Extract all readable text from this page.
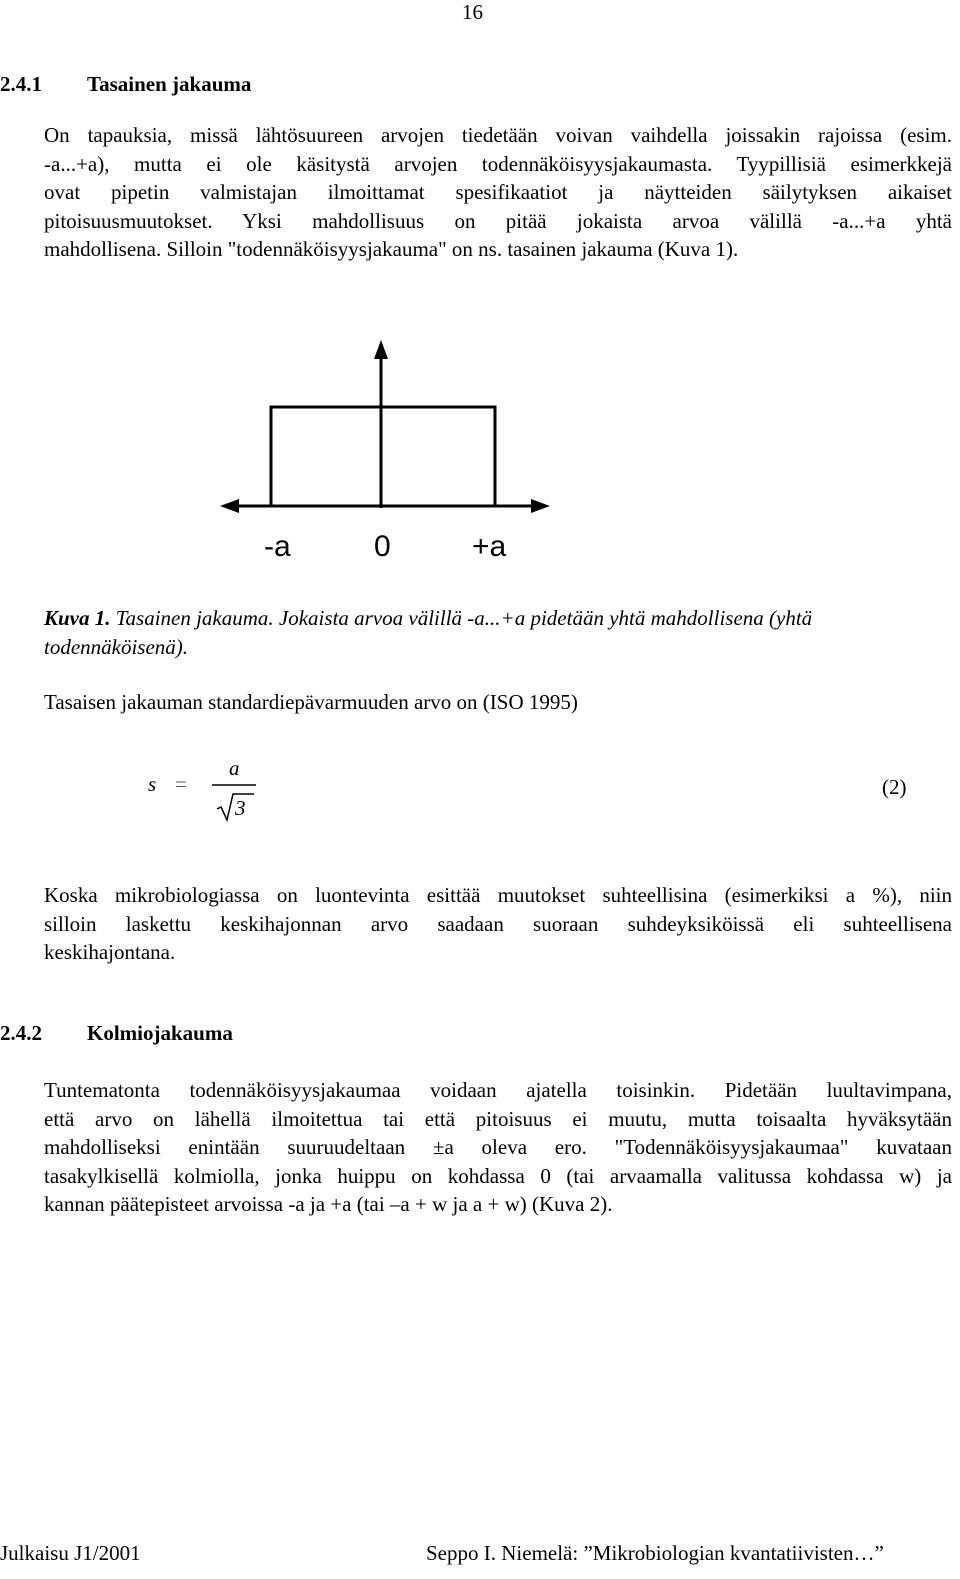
16
2.4.1 Tasainen jakauma
On tapauksia, missä lähtösuureen arvojen tiedetään voivan vaihdella joissakin rajoissa (esim.
-a...+a), mutta ei ole käsitystä arvojen todennäköisyysjakaumasta. Tyypillisiä esimerkkejä
ovat pipetin valmistajan ilmoittamat spesifikaatiot ja näytteiden säilytyksen aikaiset
pitoisuusmuutokset. Yksi mahdollisuus on pitää jokaista arvoa välillä -a...+a yhtä
mahdollisena. Silloin "todennäköisyysjakauma" on ns. tasainen jakauma (Kuva 1).
-a	0	+a
Kuva 1. Tasainen jakauma. Jokaista arvoa välillä -a...+a pidetään yhtä mahdollisena (yhtä
todennäköisenä).
Tasaisen jakauman standardiepävarmuuden arvo on (ISO 1995)
s =
a
3
(2)
Koska mikrobiologiassa on luontevinta esittää muutokset suhteellisina (esimerkiksi a %), niin
silloin laskettu keskihajonnan arvo saadaan suoraan suhdeyksiköissä eli suhteellisena
keskihajontana.
2.4.2 Kolmiojakauma
Tuntematonta todennäköisyysjakaumaa voidaan ajatella toisinkin. Pidetään luultavimpana,
että arvo on lähellä ilmoitettua tai että pitoisuus ei muutu, mutta toisaalta hyväksytään
mahdolliseksi enintään suuruudeltaan ±a oleva ero. "Todennäköisyysjakaumaa" kuvataan
tasakylkisellä kolmiolla, jonka huippu on kohdassa 0 (tai arvaamalla valitussa kohdassa w) ja
kannan päätepisteet arvoissa -a ja +a (tai –a + w ja a + w) (Kuva 2).
Julkaisu J1/2001	Seppo I. Niemelä: ”Mikrobiologian kvantatiivisten…”
